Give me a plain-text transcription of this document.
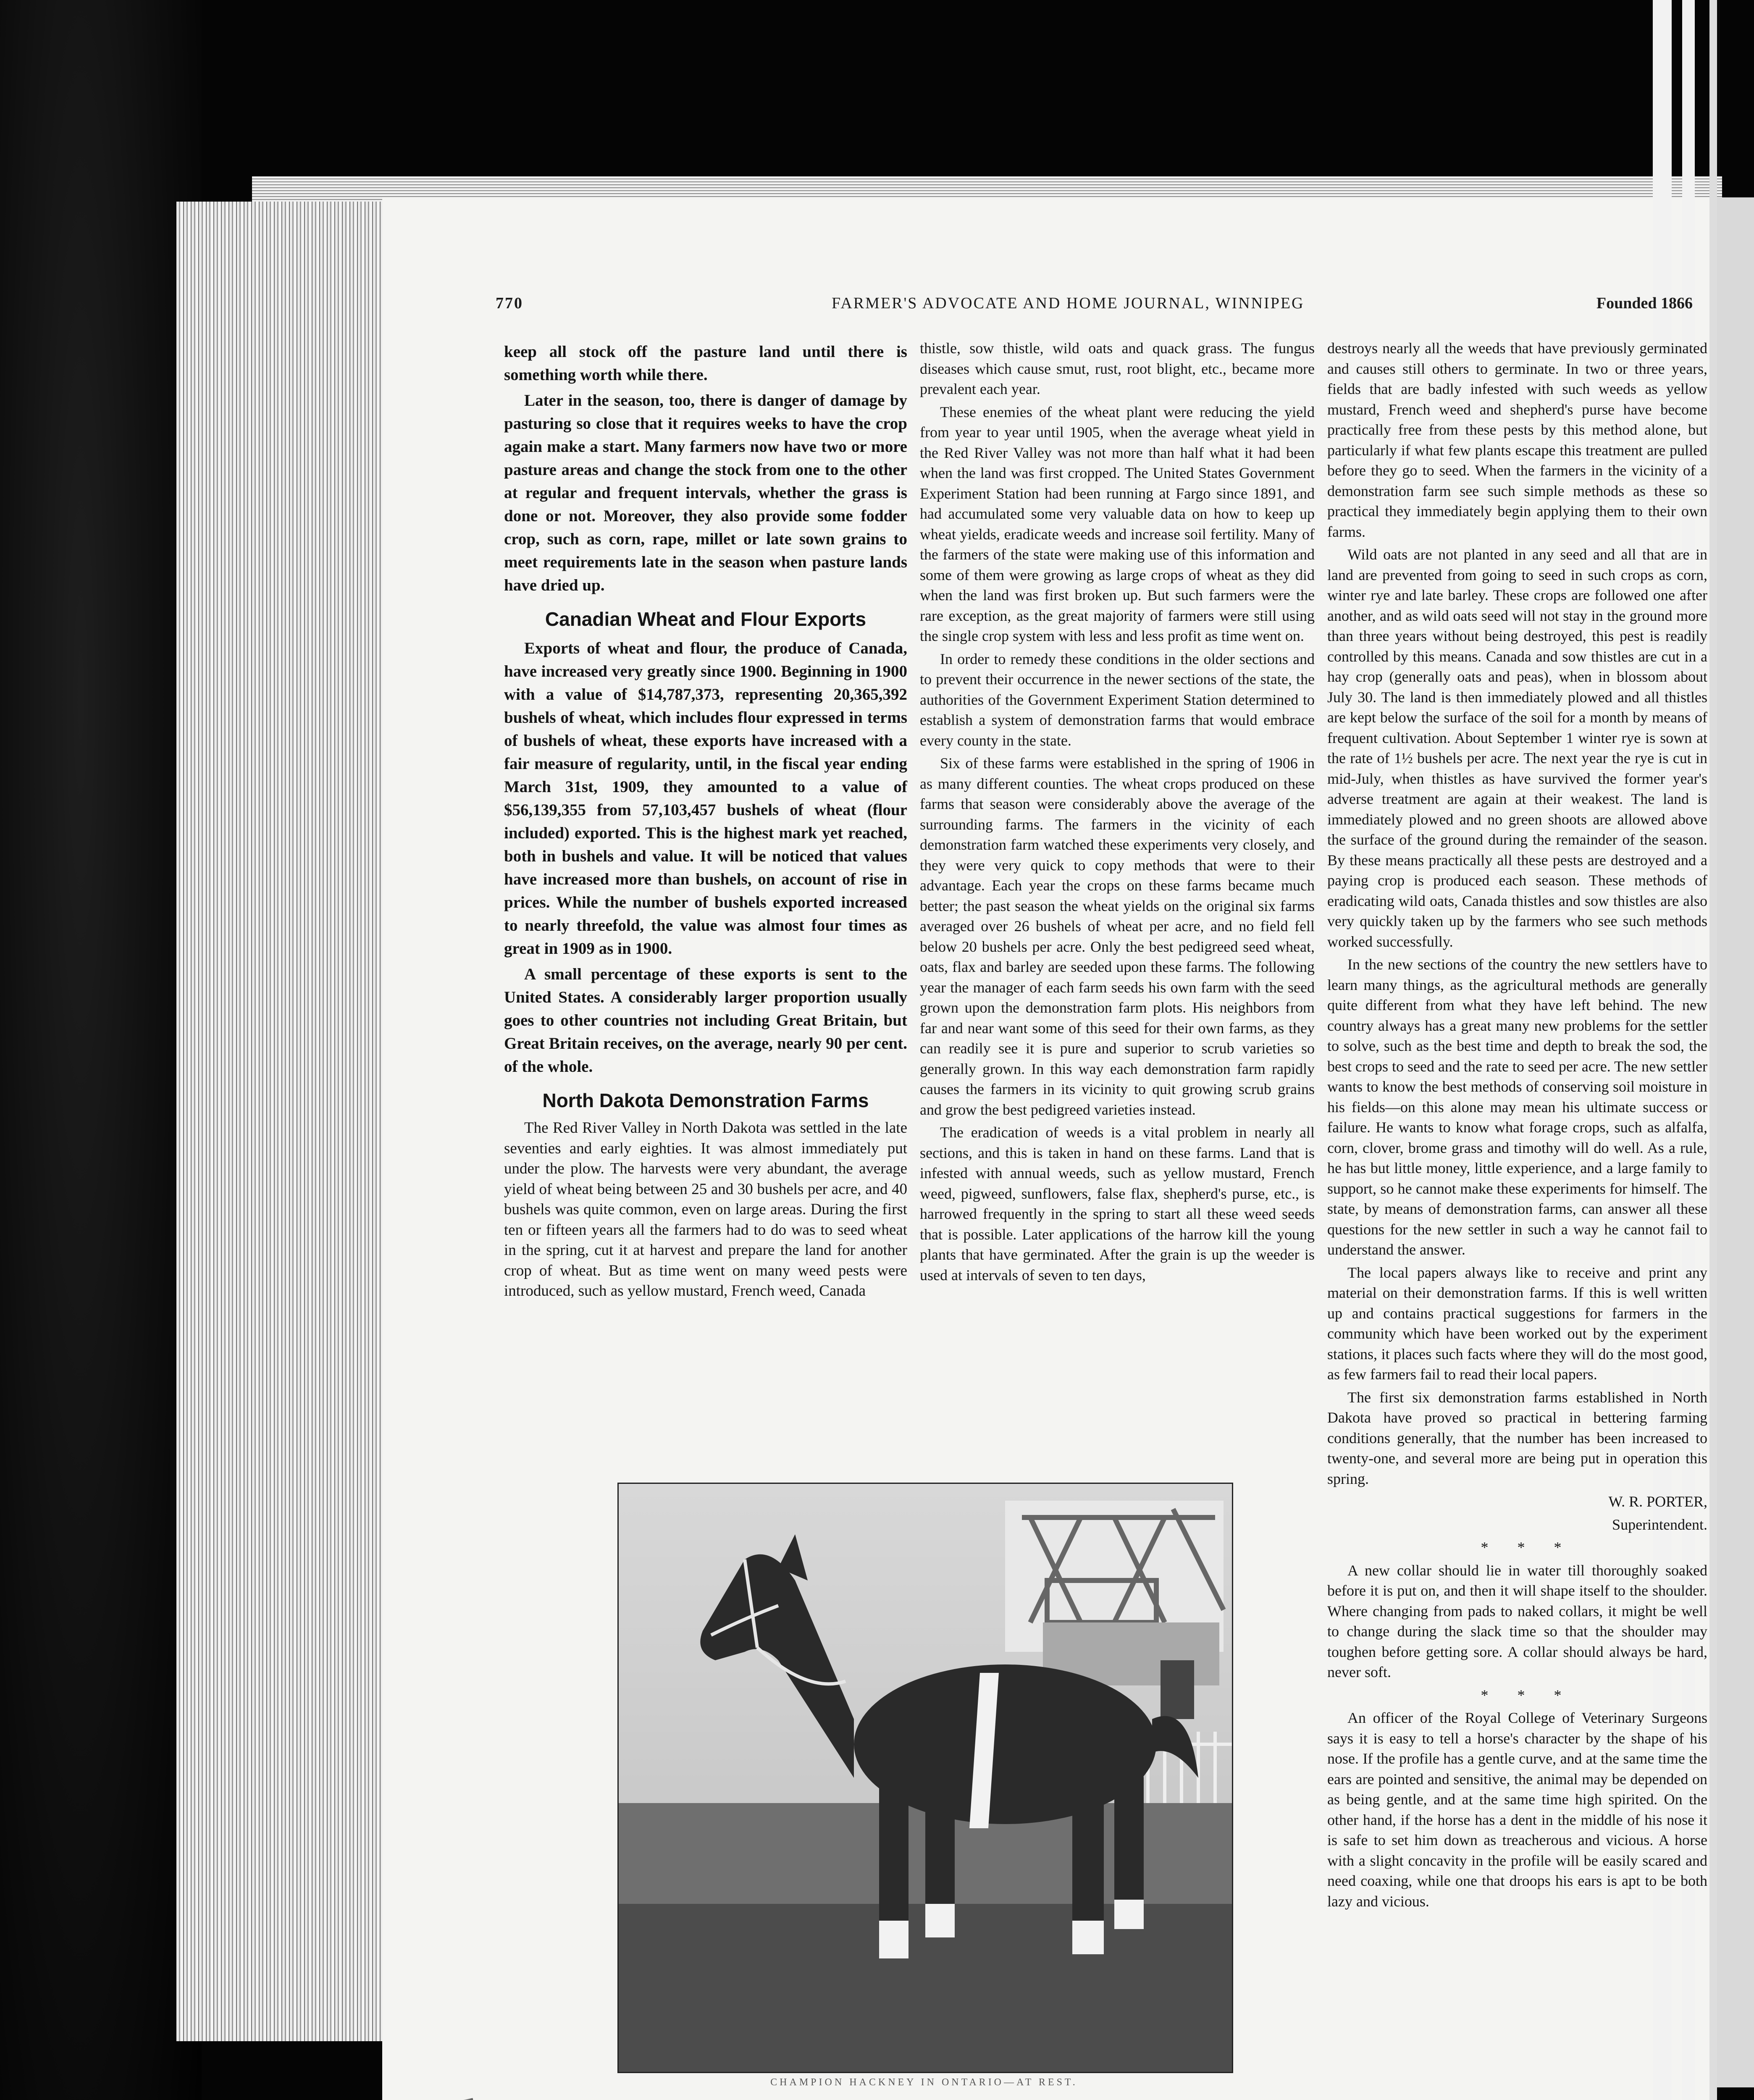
770	FARMER'S ADVOCATE AND HOME JOURNAL, WINNIPEG	Founded 1866

keep all stock off the pasture land until there is something worth while there.

Later in the season, too, there is danger of damage by pasturing so close that it requires weeks to have the crop again make a start. Many farmers now have two or more pasture areas and change the stock from one to the other at regular and frequent intervals, whether the grass is done or not. Moreover, they also provide some fodder crop, such as corn, rape, millet or late sown grains to meet requirements late in the season when pasture lands have dried up.

Canadian Wheat and Flour Exports

Exports of wheat and flour, the produce of Canada, have increased very greatly since 1900. Beginning in 1900 with a value of $14,787,373, representing 20,365,392 bushels of wheat, which includes flour expressed in terms of bushels of wheat, these exports have increased with a fair measure of regularity, until, in the fiscal year ending March 31st, 1909, they amounted to a value of $56,139,355 from 57,103,457 bushels of wheat (flour included) exported. This is the highest mark yet reached, both in bushels and value. It will be noticed that values have increased more than bushels, on account of rise in prices. While the number of bushels exported increased to nearly threefold, the value was almost four times as great in 1909 as in 1900.

A small percentage of these exports is sent to the United States. A considerably larger proportion usually goes to other countries not including Great Britain, but Great Britain receives, on the average, nearly 90 per cent. of the whole.

North Dakota Demonstration Farms

The Red River Valley in North Dakota was settled in the late seventies and early eighties. It was almost immediately put under the plow. The harvests were very abundant, the average yield of wheat being between 25 and 30 bushels per acre, and 40 bushels was quite common, even on large areas. During the first ten or fifteen years all the farmers had to do was to seed wheat in the spring, cut it at harvest and prepare the land for another crop of wheat. But as time went on many weed pests were introduced, such as yellow mustard, French weed, Canada

thistle, sow thistle, wild oats and quack grass. The fungus diseases which cause smut, rust, root blight, etc., became more prevalent each year.

These enemies of the wheat plant were reducing the yield from year to year until 1905, when the average wheat yield in the Red River Valley was not more than half what it had been when the land was first cropped. The United States Government Experiment Station had been running at Fargo since 1891, and had accumulated some very valuable data on how to keep up wheat yields, eradicate weeds and increase soil fertility. Many of the farmers of the state were making use of this information and some of them were growing as large crops of wheat as they did when the land was first broken up. But such farmers were the rare exception, as the great majority of farmers were still using the single crop system with less and less profit as time went on.

In order to remedy these conditions in the older sections and to prevent their occurrence in the newer sections of the state, the authorities of the Government Experiment Station determined to establish a system of demonstration farms that would embrace every county in the state.

Six of these farms were established in the spring of 1906 in as many different counties. The wheat crops produced on these farms that season were considerably above the average of the surrounding farms. The farmers in the vicinity of each demonstration farm watched these experiments very closely, and they were very quick to copy methods that were to their advantage. Each year the crops on these farms became much better; the past season the wheat yields on the original six farms averaged over 26 bushels of wheat per acre, and no field fell below 20 bushels per acre. Only the best pedigreed seed wheat, oats, flax and barley are seeded upon these farms. The following year the manager of each farm seeds his own farm with the seed grown upon the demonstration farm plots. His neighbors from far and near want some of this seed for their own farms, as they can readily see it is pure and superior to scrub varieties so generally grown. In this way each demonstration farm rapidly causes the farmers in its vicinity to quit growing scrub grains and grow the best pedigreed varieties instead.

The eradication of weeds is a vital problem in nearly all sections, and this is taken in hand on these farms. Land that is infested with annual weeds, such as yellow mustard, French weed, pigweed, sunflowers, false flax, shepherd's purse, etc., is harrowed frequently in the spring to start all these weed seeds that is possible. Later applications of the harrow kill the young plants that have germinated. After the grain is up the weeder is used at intervals of seven to ten days,

destroys nearly all the weeds that have previously germinated and causes still others to germinate. In two or three years, fields that are badly infested with such weeds as yellow mustard, French weed and shepherd's purse have become practically free from these pests by this method alone, but particularly if what few plants escape this treatment are pulled before they go to seed. When the farmers in the vicinity of a demonstration farm see such simple methods as these so practical they immediately begin applying them to their own farms.

Wild oats are not planted in any seed and all that are in land are prevented from going to seed in such crops as corn, winter rye and late barley. These crops are followed one after another, and as wild oats seed will not stay in the ground more than three years without being destroyed, this pest is readily controlled by this means. Canada and sow thistles are cut in a hay crop (generally oats and peas), when in blossom about July 30. The land is then immediately plowed and all thistles are kept below the surface of the soil for a month by means of frequent cultivation. About September 1 winter rye is sown at the rate of 1½ bushels per acre. The next year the rye is cut in mid-July, when thistles as have survived the former year's adverse treatment are again at their weakest. The land is immediately plowed and no green shoots are allowed above the surface of the ground during the remainder of the season. By these means practically all these pests are destroyed and a paying crop is produced each season. These methods of eradicating wild oats, Canada thistles and sow thistles are also very quickly taken up by the farmers who see such methods worked successfully.

In the new sections of the country the new settlers have to learn many things, as the agricultural methods are generally quite different from what they have left behind. The new country always has a great many new problems for the settler to solve, such as the best time and depth to break the sod, the best crops to seed and the rate to seed per acre. The new settler wants to know the best methods of conserving soil moisture in his fields—on this alone may mean his ultimate success or failure. He wants to know what forage crops, such as alfalfa, corn, clover, brome grass and timothy will do well. As a rule, he has but little money, little experience, and a large family to support, so he cannot make these experiments for himself. The state, by means of demonstration farms, can answer all these questions for the new settler in such a way he cannot fail to understand the answer.

The local papers always like to receive and print any material on their demonstration farms. If this is well written up and contains practical suggestions for farmers in the community which have been worked out by the experiment stations, it places such facts where they will do the most good, as few farmers fail to read their local papers.

The first six demonstration farms established in North Dakota have proved so practical in bettering farming conditions generally, that the number has been increased to twenty-one, and several more are being put in operation this spring.

W. R. PORTER,

Superintendent.

* * *

A new collar should lie in water till thoroughly soaked before it is put on, and then it will shape itself to the shoulder. Where changing from pads to naked collars, it might be well to change during the slack time so that the shoulder may toughen before getting sore. A collar should always be hard, never soft.

* * *

An officer of the Royal College of Veterinary Surgeons says it is easy to tell a horse's character by the shape of his nose. If the profile has a gentle curve, and at the same time the ears are pointed and sensitive, the animal may be depended on as being gentle, and at the same time high spirited. On the other hand, if the horse has a dent in the middle of his nose it is safe to set him down as treacherous and vicious. A horse with a slight concavity in the profile will be easily scared and need coaxing, while one that droops his ears is apt to be both lazy and vicious.

CHAMPION HACKNEY IN ONTARIO—AT REST.
